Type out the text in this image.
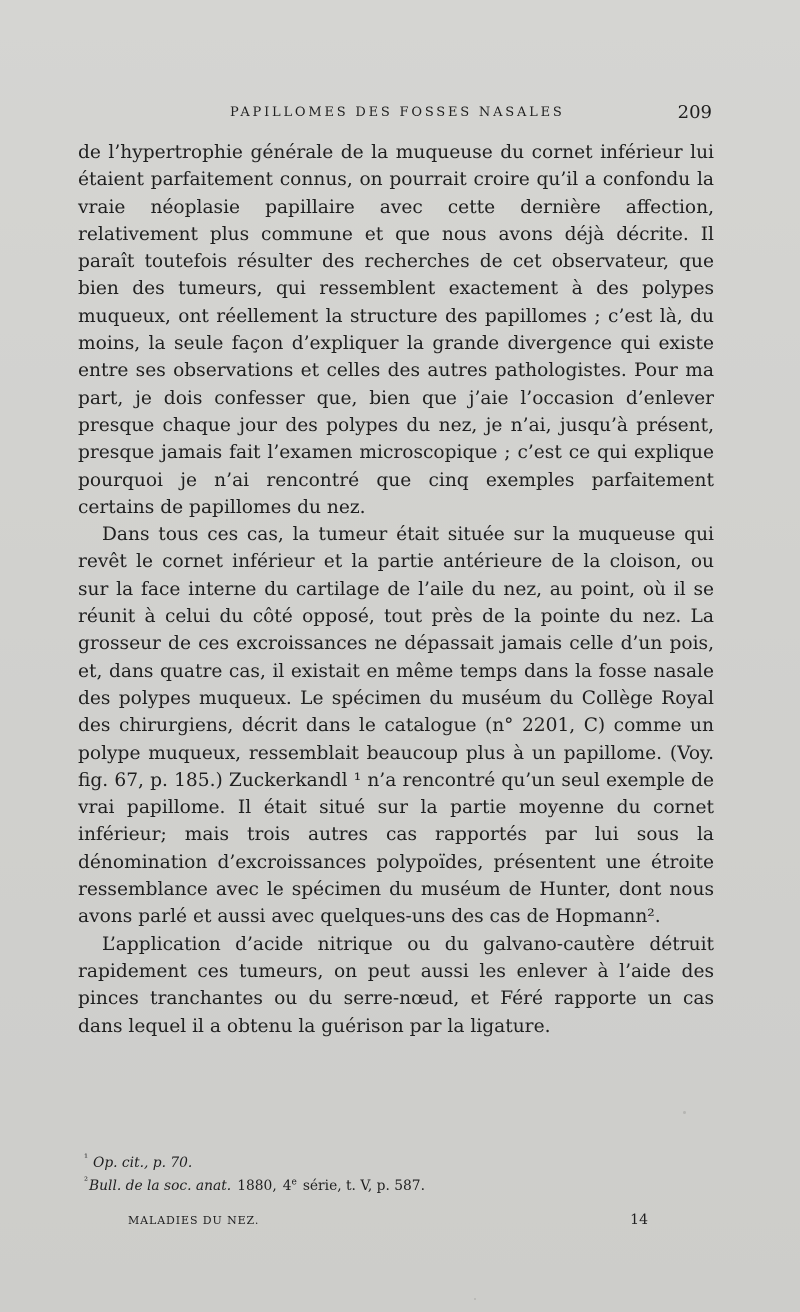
PAPILLOMES DES FOSSES NASALES	209

de l’hypertrophie générale de la muqueuse du cornet inférieur lui étaient parfaitement connus, on pourrait croire qu’il a confondu la vraie néoplasie papillaire avec cette dernière affection, relativement plus commune et que nous avons déjà décrite. Il paraît toutefois résulter des recherches de cet observateur, que bien des tumeurs, qui ressemblent exactement à des polypes muqueux, ont réellement la structure des papillomes ; c’est là, du moins, la seule façon d’expliquer la grande divergence qui existe entre ses observations et celles des autres pathologistes. Pour ma part, je dois confesser que, bien que j’aie l’occasion d’enlever presque chaque jour des polypes du nez, je n’ai, jusqu’à présent, presque jamais fait l’examen microscopique ; c’est ce qui explique pourquoi je n’ai rencontré que cinq exemples parfaitement certains de papillomes du nez.

Dans tous ces cas, la tumeur était située sur la muqueuse qui revêt le cornet inférieur et la partie antérieure de la cloison, ou sur la face interne du cartilage de l’aile du nez, au point, où il se réunit à celui du côté opposé, tout près de la pointe du nez. La grosseur de ces excroissances ne dépassait jamais celle d’un pois, et, dans quatre cas, il existait en même temps dans la fosse nasale des polypes muqueux. Le spécimen du muséum du Collège Royal des chirurgiens, décrit dans le catalogue (n° 2201, C) comme un polype muqueux, ressemblait beaucoup plus à un papillome. (Voy. fig. 67, p. 185.) Zuckerkandl ¹ n’a rencontré qu’un seul exemple de vrai papillome. Il était situé sur la partie moyenne du cornet inférieur; mais trois autres cas rapportés par lui sous la dénomination d’excroissances polypoïdes, présentent une étroite ressemblance avec le spécimen du muséum de Hunter, dont nous avons parlé et aussi avec quelques-uns des cas de Hopmann².

L’application d’acide nitrique ou du galvano-cautère détruit rapidement ces tumeurs, on peut aussi les enlever à l’aide des pinces tranchantes ou du serre-nœud, et Féré rapporte un cas dans lequel il a obtenu la guérison par la ligature.

$^{^1}$ Op. cit., p. 70.
$^{^2}$Bull. de la soc. anat. 1880, 4e série, t. V, p. 587.
MALADIES DU NEZ.	14
